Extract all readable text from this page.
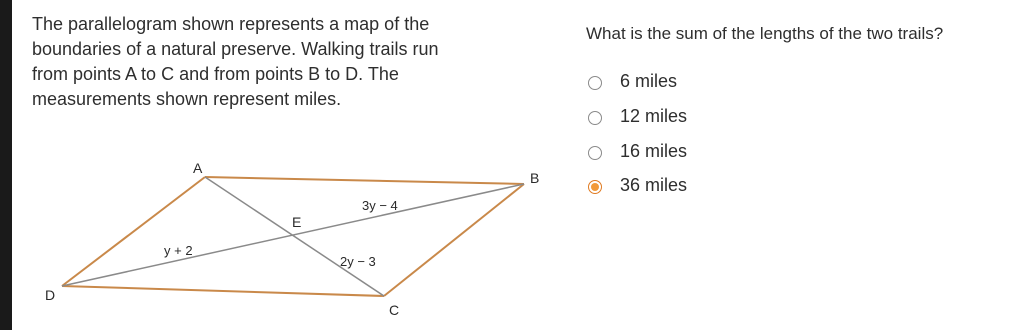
The parallelogram shown represents a map of the
boundaries of a natural preserve. Walking trails run
from points A to C and from points B to D. The
measurements shown represent miles.
A
B
C
D
E
3y − 4
y + 2
2y − 3
What is the sum of the lengths of the two trails?
6 miles
12 miles
16 miles
36 miles
